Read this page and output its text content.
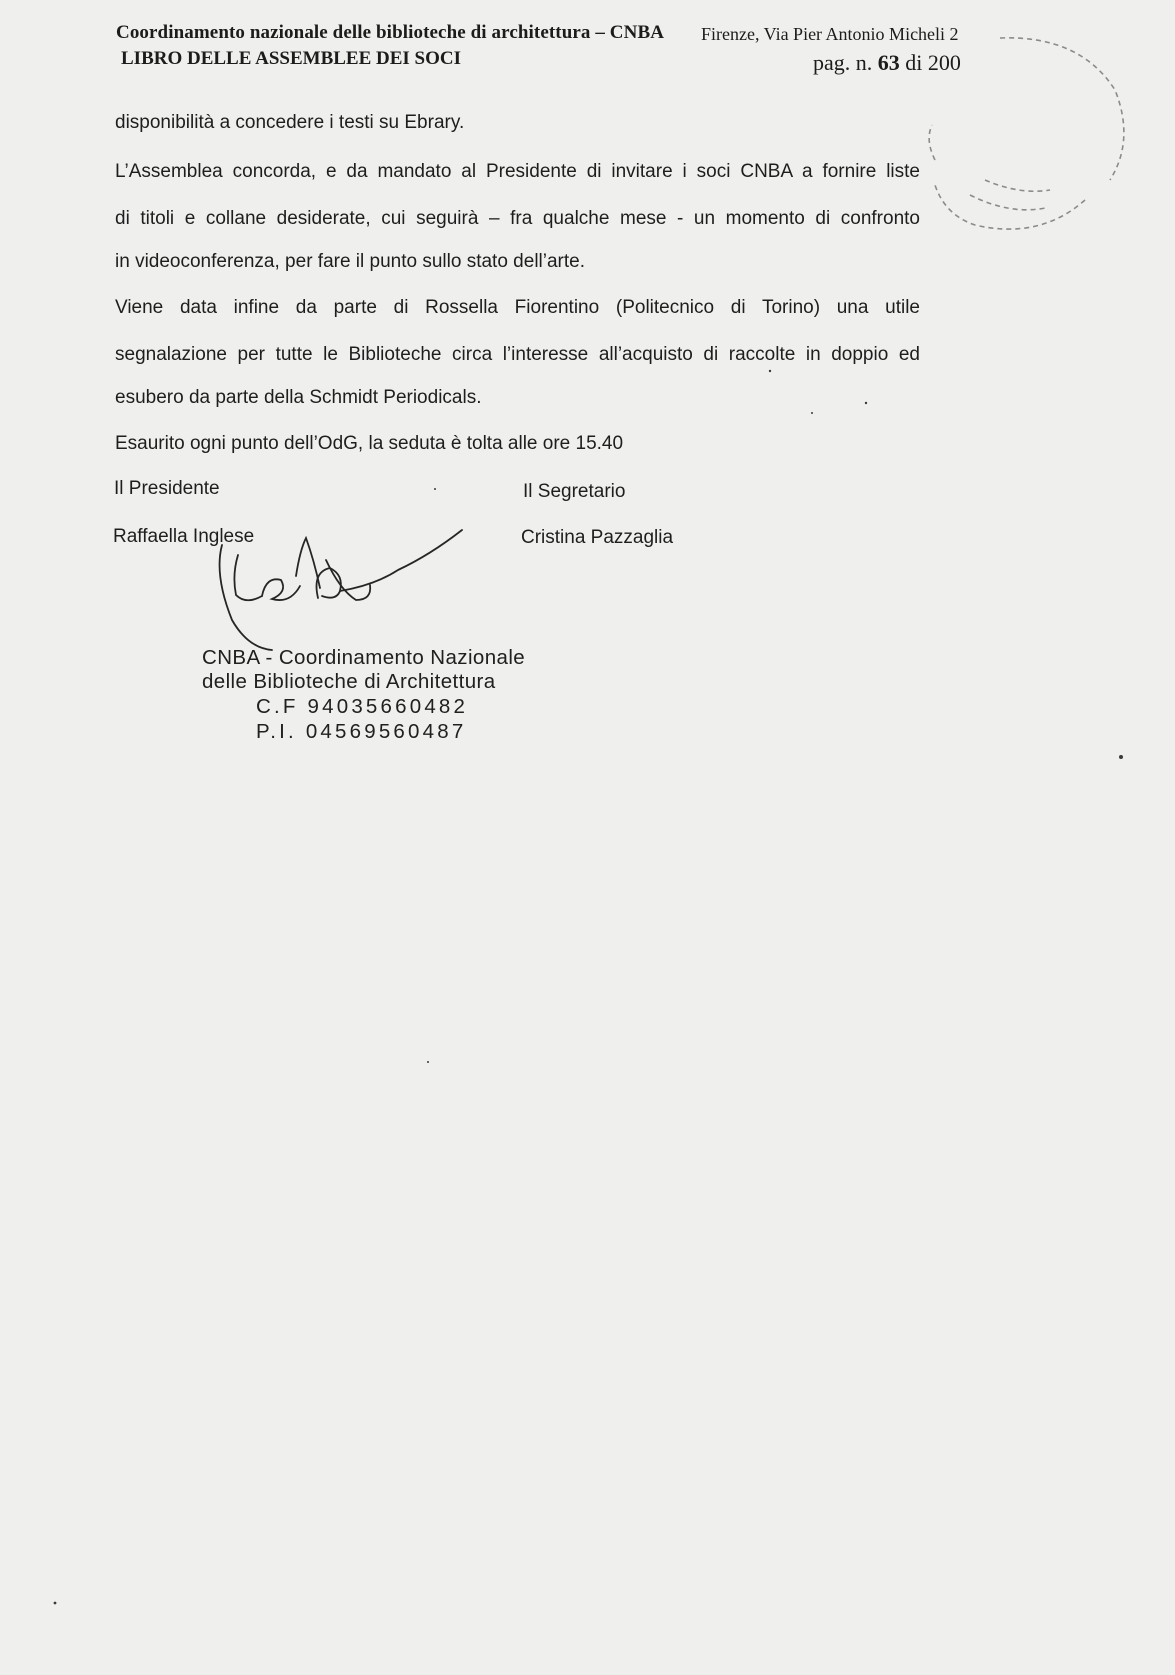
Coordinamento nazionale delle biblioteche di architettura – CNBA Firenze, Via Pier Antonio Micheli 2
LIBRO DELLE ASSEMBLEE DEI SOCI	pag. n. 63 di 200
disponibilità a concedere i testi su Ebrary.
L’Assemblea concorda, e da mandato al Presidente di invitare i soci CNBA a fornire liste
di titoli e collane desiderate, cui seguirà – fra qualche mese - un momento di confronto
in videoconferenza, per fare il punto sullo stato dell’arte.
Viene data infine da parte di Rossella Fiorentino (Politecnico di Torino) una utile
segnalazione per tutte le Biblioteche circa l’interesse all’acquisto di raccolte in doppio ed
esubero da parte della Schmidt Periodicals.
Esaurito ogni punto dell’OdG, la seduta è tolta alle ore 15.40
Il Presidente	Il Segretario
Raffaella Inglese	Cristina Pazzaglia
CNBA - Coordinamento Nazionale
delle Biblioteche di Architettura
C.F 94035660482
P.I. 04569560487
